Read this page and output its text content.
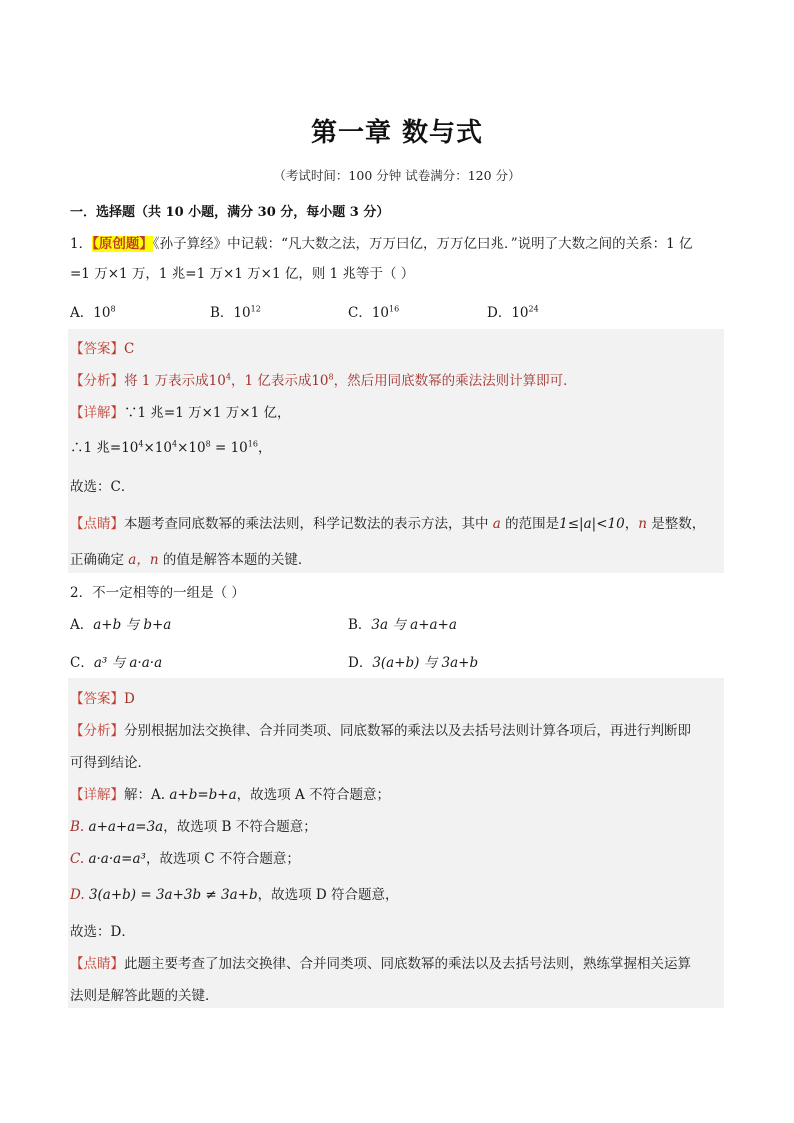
第一章 数与式
（考试时间：100 分钟 试卷满分：120 分）
一．选择题（共 10 小题，满分 30 分，每小题 3 分）
1．【原创题】《孙子算经》中记载：“凡大数之法，万万曰亿，万万亿曰兆．”说明了大数之间的关系：1 亿
=1 万×1 万，1 兆=1 万×1 万×1 亿，则 1 兆等于（ ）
A．$10^8$	B．$10^{12}$	C．$10^{16}$	D．$10^{24}$
【答案】C
【分析】将 1 万表示成$10^4$，1 亿表示成$10^8$，然后用同底数幂的乘法法则计算即可．
【详解】∵1 兆=1 万×1 万×1 亿，
∴1 兆$=10^4\times 10^4\times 10^8 = 10^{16}$，
故选：C．
【点睛】本题考查同底数幂的乘法法则，科学记数法的表示方法，其中 a 的范围是1≤|a|<10，n 是整数，
正确确定 a，n 的值是解答本题的关键．
2．不一定相等的一组是（ ）
A．a+b 与 b+a	B．3a 与 a+a+a
C．a³ 与 a·a·a	D．3(a+b) 与 3a+b
【答案】D
【分析】分别根据加法交换律、合并同类项、同底数幂的乘法以及去括号法则计算各项后，再进行判断即
可得到结论．
【详解】解：A. a+b=b+a，故选项 A 不符合题意；
B. a+a+a=3a，故选项 B 不符合题意；
C. a·a·a=a³，故选项 C 不符合题意；
D. 3(a+b) = 3a+3b ≠ 3a+b，故选项 D 符合题意，
故选：D．
【点睛】此题主要考查了加法交换律、合并同类项、同底数幂的乘法以及去括号法则，熟练掌握相关运算
法则是解答此题的关键．
